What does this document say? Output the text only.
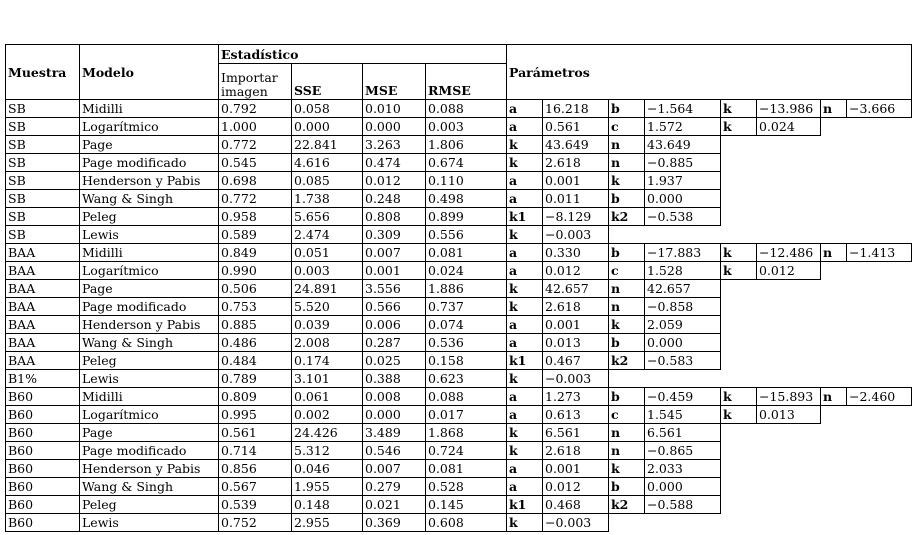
Muestra	Modelo	Estadístico				Parámetros							
		Importar
imagen	SSE	MSE	RMSE								
SB	Midilli	0.792	0.058	0.010	0.088	a	16.218	b	−1.564	k	−13.986	n	−3.666
SB	Logarítmico	1.000	0.000	0.000	0.003	a	0.561	c	1.572	k	0.024		
SB	Page	0.772	22.841	3.263	1.806	k	43.649	n	43.649				
SB	Page modificado	0.545	4.616	0.474	0.674	k	2.618	n	−0.885				
SB	Henderson y Pabis	0.698	0.085	0.012	0.110	a	0.001	k	1.937				
SB	Wang & Singh	0.772	1.738	0.248	0.498	a	0.011	b	0.000				
SB	Peleg	0.958	5.656	0.808	0.899	k1	−8.129	k2	−0.538				
SB	Lewis	0.589	2.474	0.309	0.556	k	−0.003						
BAA	Midilli	0.849	0.051	0.007	0.081	a	0.330	b	−17.883	k	−12.486	n	−1.413
BAA	Logarítmico	0.990	0.003	0.001	0.024	a	0.012	c	1.528	k	0.012		
BAA	Page	0.506	24.891	3.556	1.886	k	42.657	n	42.657				
BAA	Page modificado	0.753	5.520	0.566	0.737	k	2.618	n	−0.858				
BAA	Henderson y Pabis	0.885	0.039	0.006	0.074	a	0.001	k	2.059				
BAA	Wang & Singh	0.486	2.008	0.287	0.536	a	0.013	b	0.000				
BAA	Peleg	0.484	0.174	0.025	0.158	k1	0.467	k2	−0.583				
B1%	Lewis	0.789	3.101	0.388	0.623	k	−0.003						
B60	Midilli	0.809	0.061	0.008	0.088	a	1.273	b	−0.459	k	−15.893	n	−2.460
B60	Logarítmico	0.995	0.002	0.000	0.017	a	0.613	c	1.545	k	0.013		
B60	Page	0.561	24.426	3.489	1.868	k	6.561	n	6.561				
B60	Page modificado	0.714	5.312	0.546	0.724	k	2.618	n	−0.865				
B60	Henderson y Pabis	0.856	0.046	0.007	0.081	a	0.001	k	2.033				
B60	Wang & Singh	0.567	1.955	0.279	0.528	a	0.012	b	0.000				
B60	Peleg	0.539	0.148	0.021	0.145	k1	0.468	k2	−0.588				
B60	Lewis	0.752	2.955	0.369	0.608	k	−0.003						
